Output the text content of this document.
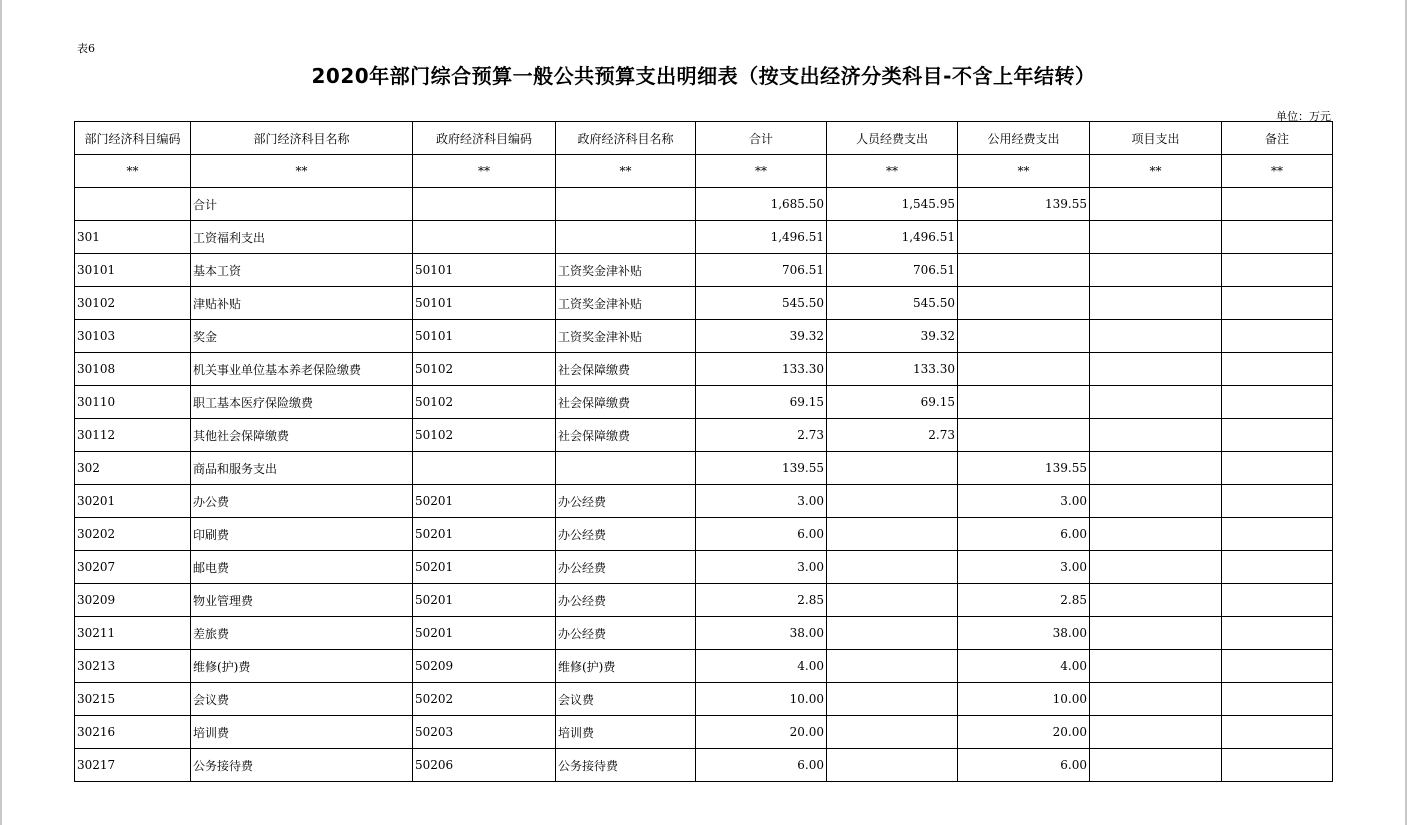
表6
2020年部门综合预算一般公共预算支出明细表（按支出经济分类科目-不含上年结转）
单位：万元
部门经济科目编码	部门经济科目名称	政府经济科目编码	政府经济科目名称	合计	人员经费支出	公用经费支出	项目支出	备注
**	**	**	**	**	**	**	**	**
	合计			1,685.50	1,545.95	139.55		
301	工资福利支出			1,496.51	1,496.51			
30101	基本工资	50101	工资奖金津补贴	706.51	706.51			
30102	津贴补贴	50101	工资奖金津补贴	545.50	545.50			
30103	奖金	50101	工资奖金津补贴	39.32	39.32			
30108	机关事业单位基本养老保险缴费	50102	社会保障缴费	133.30	133.30			
30110	职工基本医疗保险缴费	50102	社会保障缴费	69.15	69.15			
30112	其他社会保障缴费	50102	社会保障缴费	2.73	2.73			
302	商品和服务支出			139.55		139.55		
30201	办公费	50201	办公经费	3.00		3.00		
30202	印刷费	50201	办公经费	6.00		6.00		
30207	邮电费	50201	办公经费	3.00		3.00		
30209	物业管理费	50201	办公经费	2.85		2.85		
30211	差旅费	50201	办公经费	38.00		38.00		
30213	维修(护)费	50209	维修(护)费	4.00		4.00		
30215	会议费	50202	会议费	10.00		10.00		
30216	培训费	50203	培训费	20.00		20.00		
30217	公务接待费	50206	公务接待费	6.00		6.00		
